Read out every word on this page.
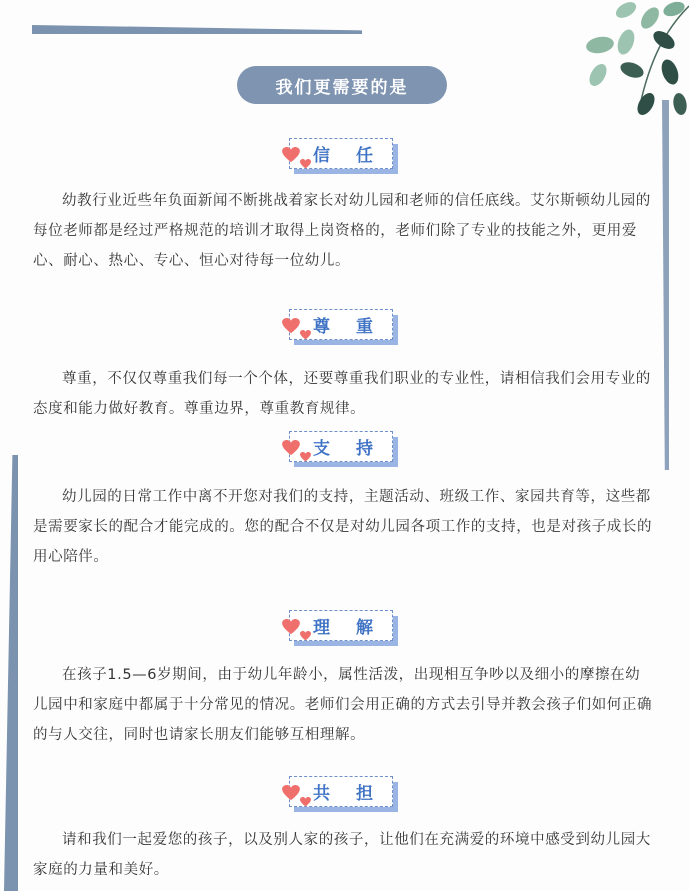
我们更需要的是
信 任

幼教行业近些年负面新闻不断挑战着家长对幼儿园和老师的信任底线。艾尔斯顿幼儿园的每位老师都是经过严格规范的培训才取得上岗资格的，老师们除了专业的技能之外，更用爱心、耐心、热心、专心、恒心对待每一位幼儿。

尊 重

尊重，不仅仅尊重我们每一个个体，还要尊重我们职业的专业性，请相信我们会用专业的态度和能力做好教育。尊重边界，尊重教育规律。

支 持

幼儿园的日常工作中离不开您对我们的支持，主题活动、班级工作、家园共育等，这些都是需要家长的配合才能完成的。您的配合不仅是对幼儿园各项工作的支持，也是对孩子成长的用心陪伴。

理 解

在孩子1.5—6岁期间，由于幼儿年龄小，属性活泼，出现相互争吵以及细小的摩擦在幼儿园中和家庭中都属于十分常见的情况。老师们会用正确的方式去引导并教会孩子们如何正确的与人交往，同时也请家长朋友们能够互相理解。

共 担

请和我们一起爱您的孩子，以及别人家的孩子，让他们在充满爱的环境中感受到幼儿园大家庭的力量和美好。
